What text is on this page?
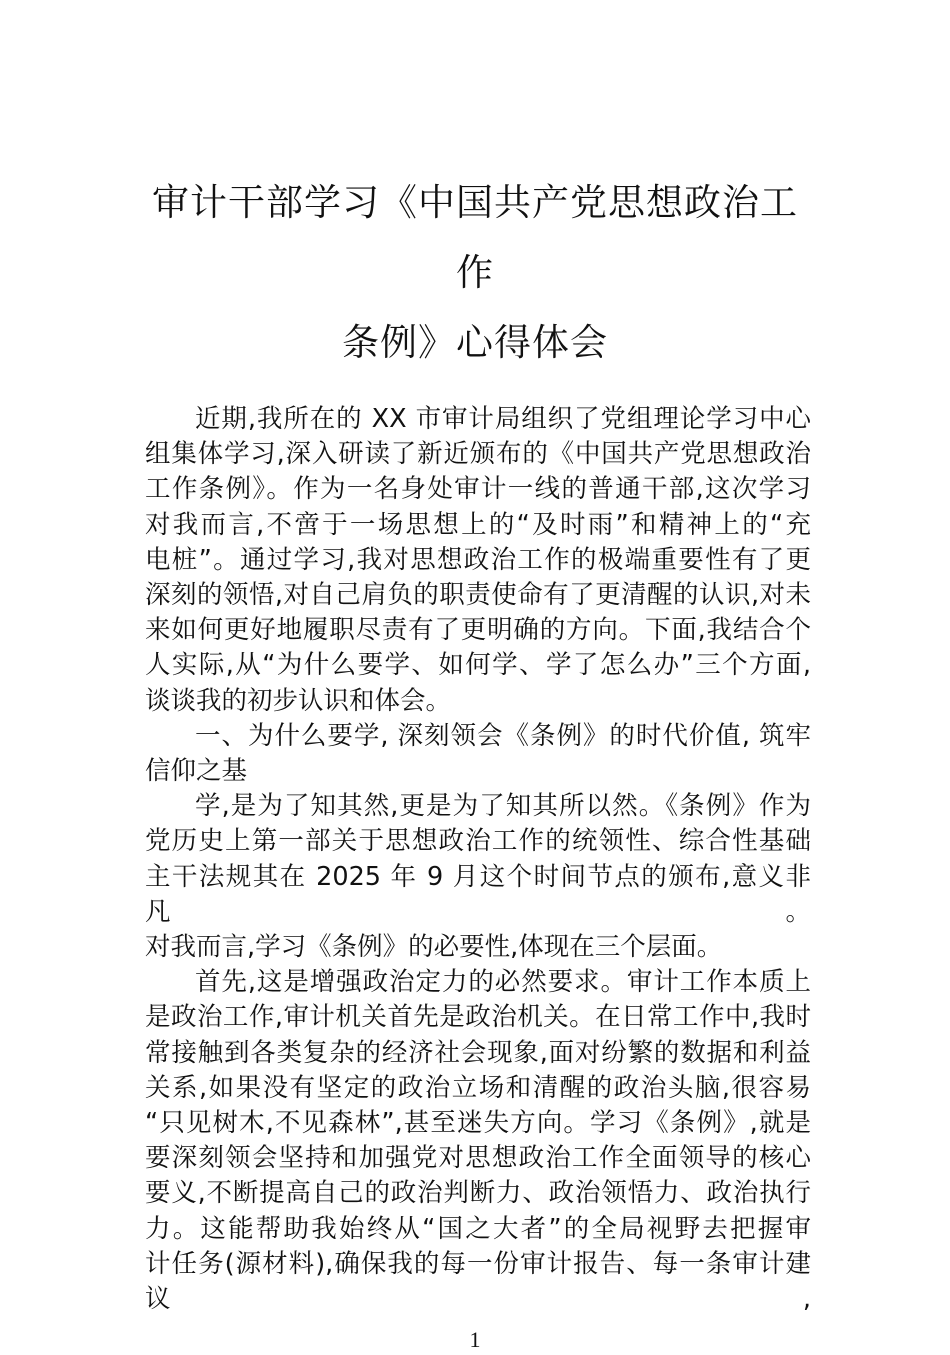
审计干部学习《中国共产党思想政治工作
条例》心得体会
近期,我所在的 XX 市审计局组织了党组理论学习中心
组集体学习,深入研读了新近颁布的《中国共产党思想政治
工作条例》。作为一名身处审计一线的普通干部,这次学习
对我而言,不啻于一场思想上的“及时雨”和精神上的“充
电桩”。通过学习,我对思想政治工作的极端重要性有了更
深刻的领悟,对自己肩负的职责使命有了更清醒的认识,对未
来如何更好地履职尽责有了更明确的方向。下面,我结合个
人实际,从“为什么要学、如何学、学了怎么办”三个方面,
谈谈我的初步认识和体会。
一、为什么要学, 深刻领会《条例》的时代价值, 筑牢
信仰之基
学,是为了知其然,更是为了知其所以然。《条例》作为
党历史上第一部关于思想政治工作的统领性、综合性基础
主干法规其在 2025 年 9 月这个时间节点的颁布,意义非凡。
对我而言,学习《条例》的必要性,体现在三个层面。
首先,这是增强政治定力的必然要求。审计工作本质上
是政治工作,审计机关首先是政治机关。在日常工作中,我时
常接触到各类复杂的经济社会现象,面对纷繁的数据和利益
关系,如果没有坚定的政治立场和清醒的政治头脑,很容易
“只见树木,不见森林”,甚至迷失方向。学习《条例》,就是
要深刻领会坚持和加强党对思想政治工作全面领导的核心
要义,不断提高自己的政治判断力、政治领悟力、政治执行
力。这能帮助我始终从“国之大者”的全局视野去把握审
计任务(源材料),确保我的每一份审计报告、每一条审计建议,
1
